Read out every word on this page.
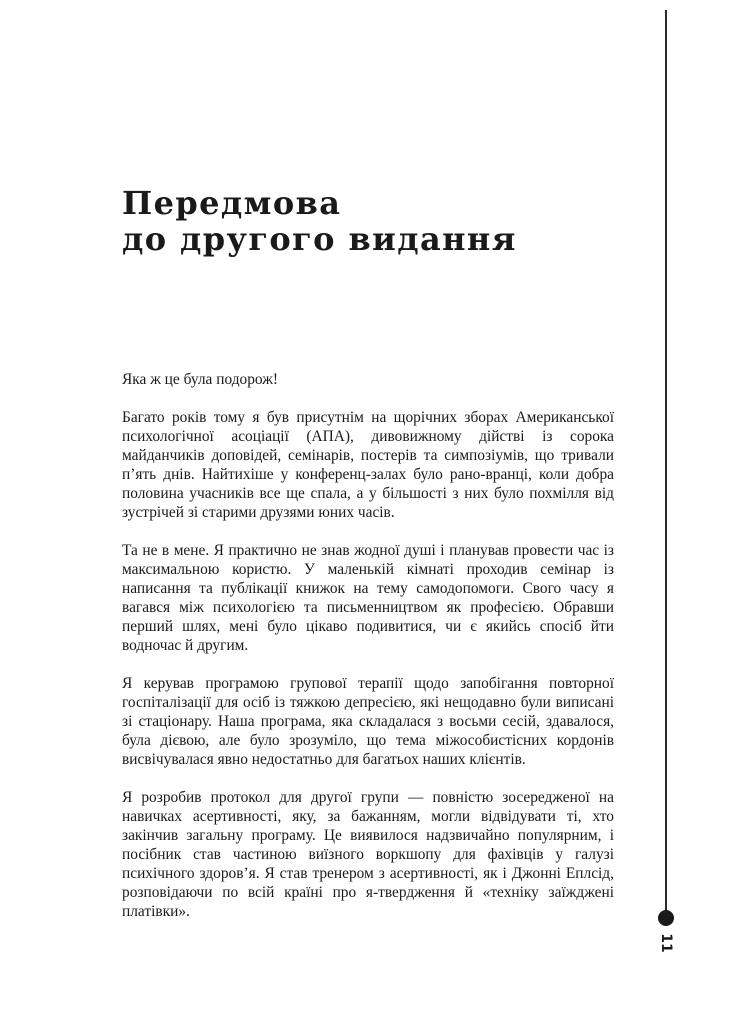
Передмова
до другого видання

Яка ж це була подорож!

Багато років тому я був присутнім на щорічних зборах Американської психологічної асоціації (АПА), дивовижному дійстві із сорока майданчиків доповідей, семінарів, постерів та симпозіумів, що тривали п’ять днів. Найтихіше у конференц-залах було рано-вранці, коли добра половина учасників все ще спала, а у більшості з них було похмілля від зустрічей зі старими друзями юних часів.

Та не в мене. Я практично не знав жодної душі і планував провести час із максимальною користю. У маленькій кімнаті проходив семінар із написання та публікації книжок на тему самодопомоги. Свого часу я вагався між психологією та письменництвом як професією. Обравши перший шлях, мені було цікаво подивитися, чи є якийсь спосіб йти водночас й другим.

Я керував програмою групової терапії щодо запобігання повторної госпіталізації для осіб із тяжкою депресією, які нещодавно були виписані зі стаціонару. Наша програма, яка складалася з восьми сесій, здавалося, була дієвою, але було зрозуміло, що тема міжособистісних кордонів висвічувалася явно недостатньо для багатьох наших клієнтів.

Я розробив протокол для другої групи — повністю зосередженої на навичках асертивності, яку, за бажанням, могли відвідувати ті, хто закінчив загальну програму. Це виявилося надзвичайно популярним, і посібник став частиною виїзного воркшопу для фахівців у галузі психічного здоров’я. Я став тренером з асертивності, як і Джонні Еплсід, розповідаючи по всій країні про я-твердження й «техніку заїжджені платівки».

11
